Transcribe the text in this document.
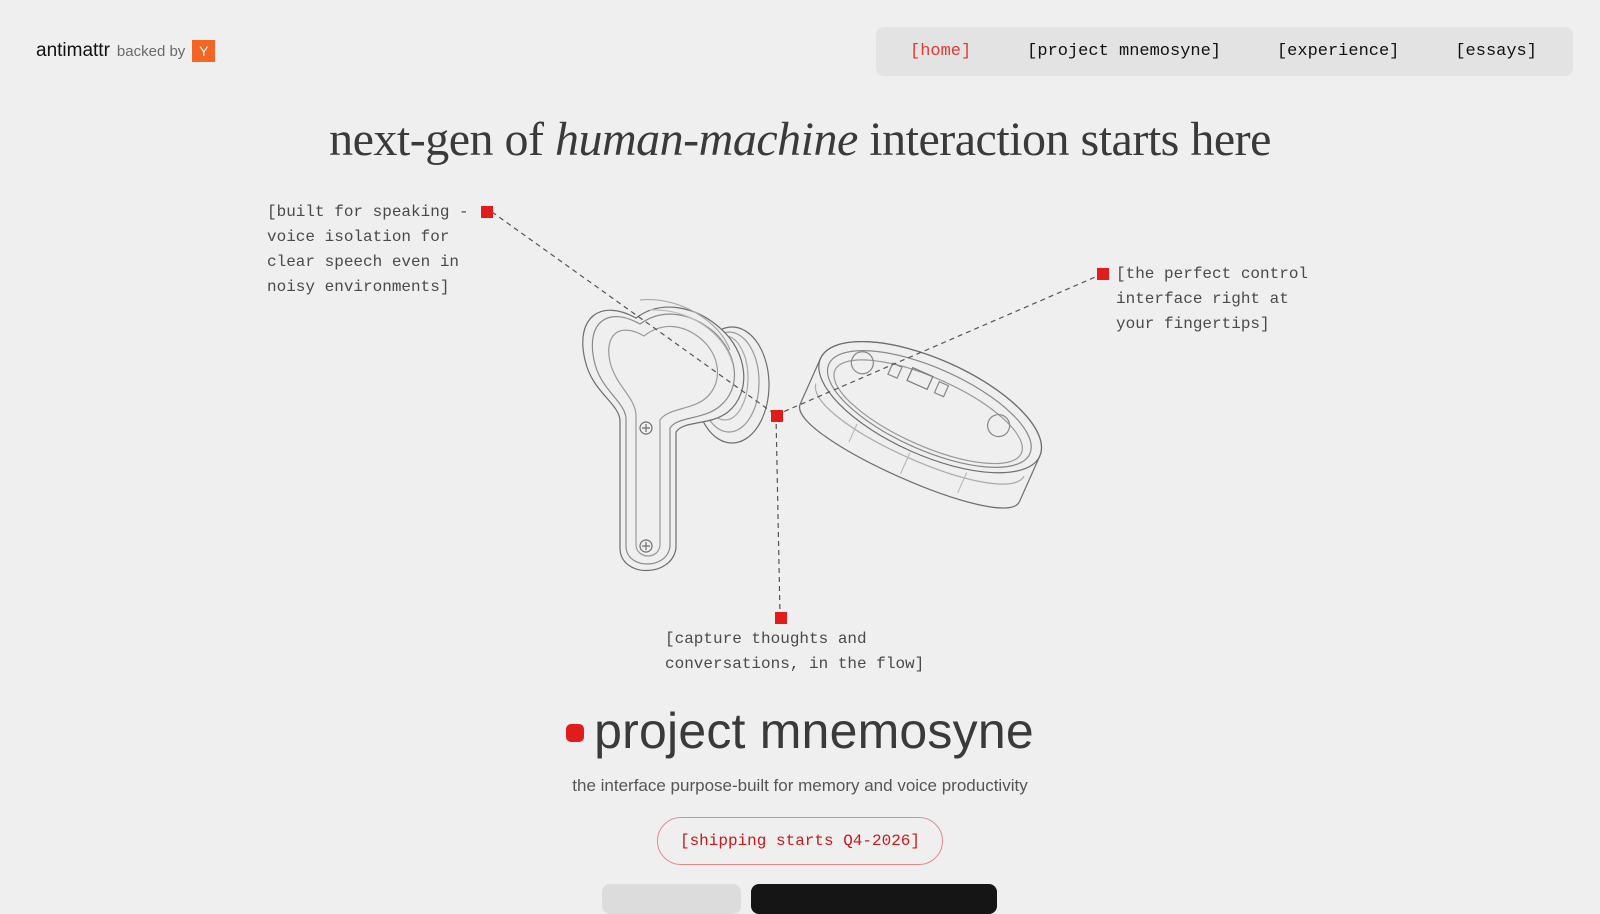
antimattr backed by Y	[home]	[project mnemosyne]	[experience]	[essays]
next-gen of human-machine interaction starts here
[built for speaking - voice isolation for clear speech even in noisy environments]
[the perfect control interface right at your fingertips]
[capture thoughts and conversations, in the flow]
project mnemosyne
the interface purpose-built for memory and voice productivity
[shipping starts Q4-2026]
